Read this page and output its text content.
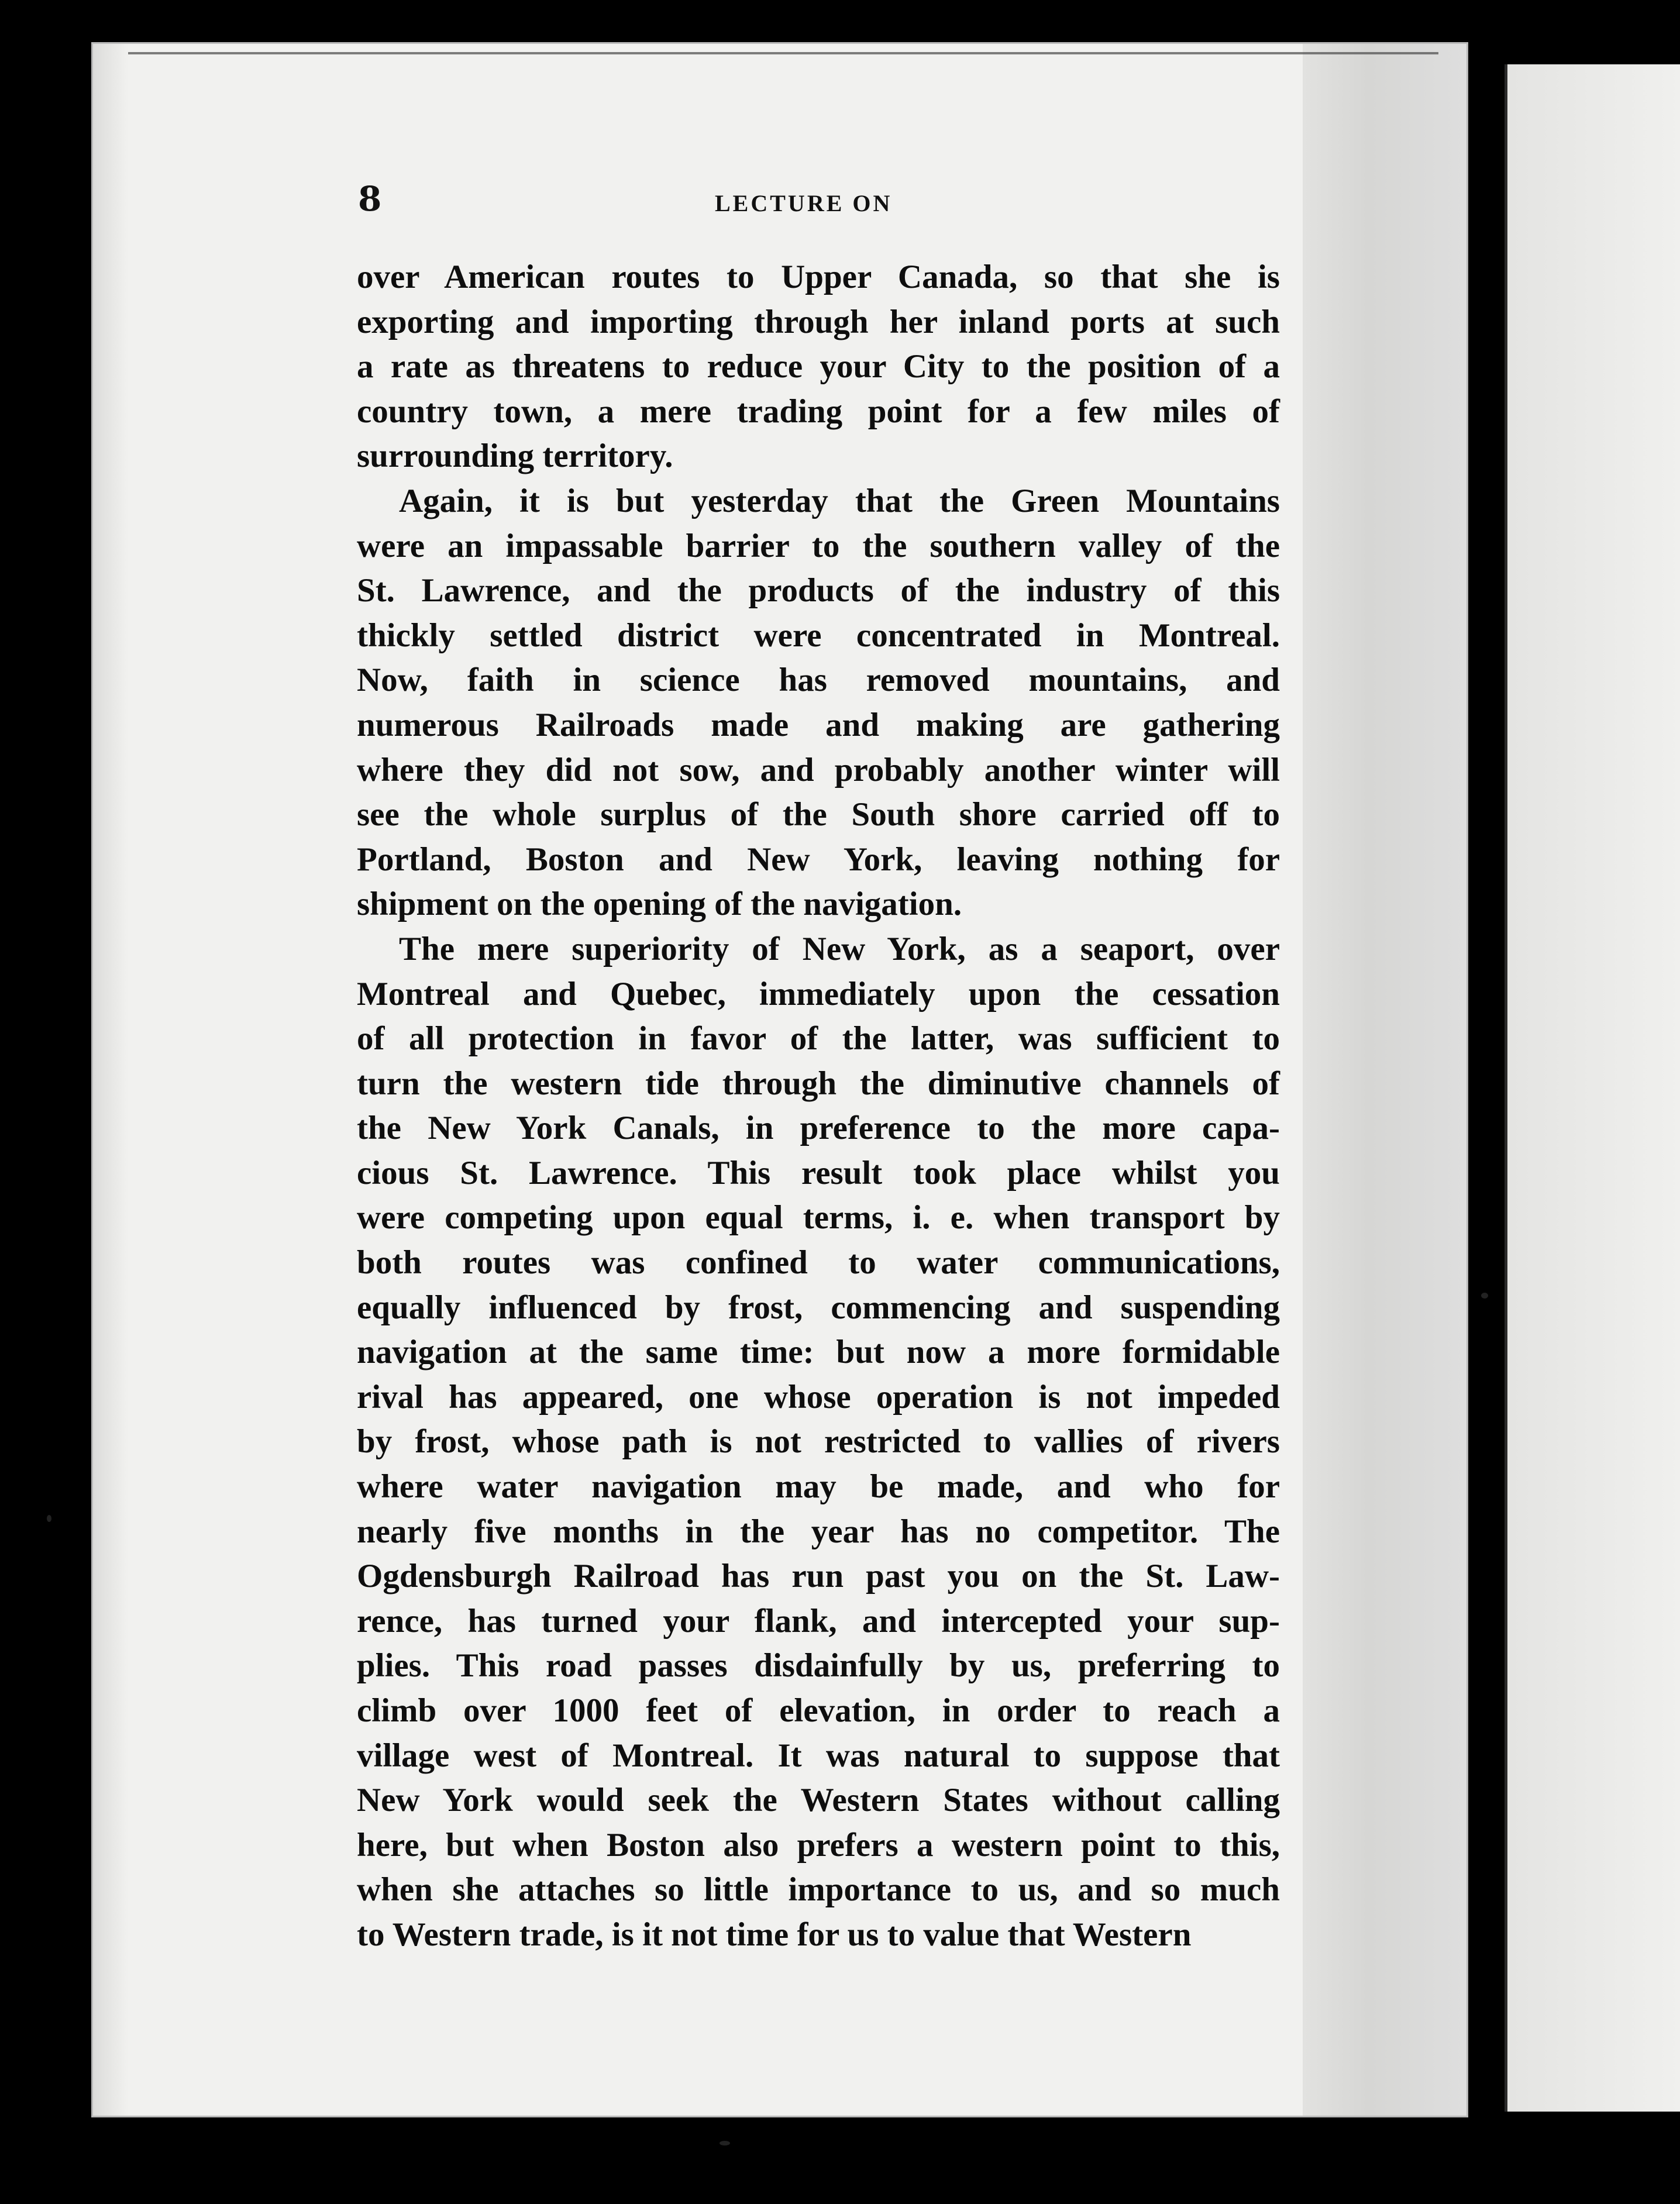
8	LECTURE ON
over American routes to Upper Canada, so that she is
exporting and importing through her inland ports at such
a rate as threatens to reduce your City to the position of a
country town, a mere trading point for a few miles of
surrounding territory.
Again, it is but yesterday that the Green Mountains
were an impassable barrier to the southern valley of the
St. Lawrence, and the products of the industry of this
thickly settled district were concentrated in Montreal.
Now, faith in science has removed mountains, and
numerous Railroads made and making are gathering
where they did not sow, and probably another winter will
see the whole surplus of the South shore carried off to
Portland, Boston and New York, leaving nothing for
shipment on the opening of the navigation.
The mere superiority of New York, as a seaport, over
Montreal and Quebec, immediately upon the cessation
of all protection in favor of the latter, was sufficient to
turn the western tide through the diminutive channels of
the New York Canals, in preference to the more capa-
cious St. Lawrence. This result took place whilst you
were competing upon equal terms, i. e. when transport by
both routes was confined to water communications,
equally influenced by frost, commencing and suspending
navigation at the same time: but now a more formidable
rival has appeared, one whose operation is not impeded
by frost, whose path is not restricted to vallies of rivers
where water navigation may be made, and who for
nearly five months in the year has no competitor. The
Ogdensburgh Railroad has run past you on the St. Law-
rence, has turned your flank, and intercepted your sup-
plies. This road passes disdainfully by us, preferring to
climb over 1000 feet of elevation, in order to reach a
village west of Montreal. It was natural to suppose that
New York would seek the Western States without calling
here, but when Boston also prefers a western point to this,
when she attaches so little importance to us, and so much
to Western trade, is it not time for us to value that Western
